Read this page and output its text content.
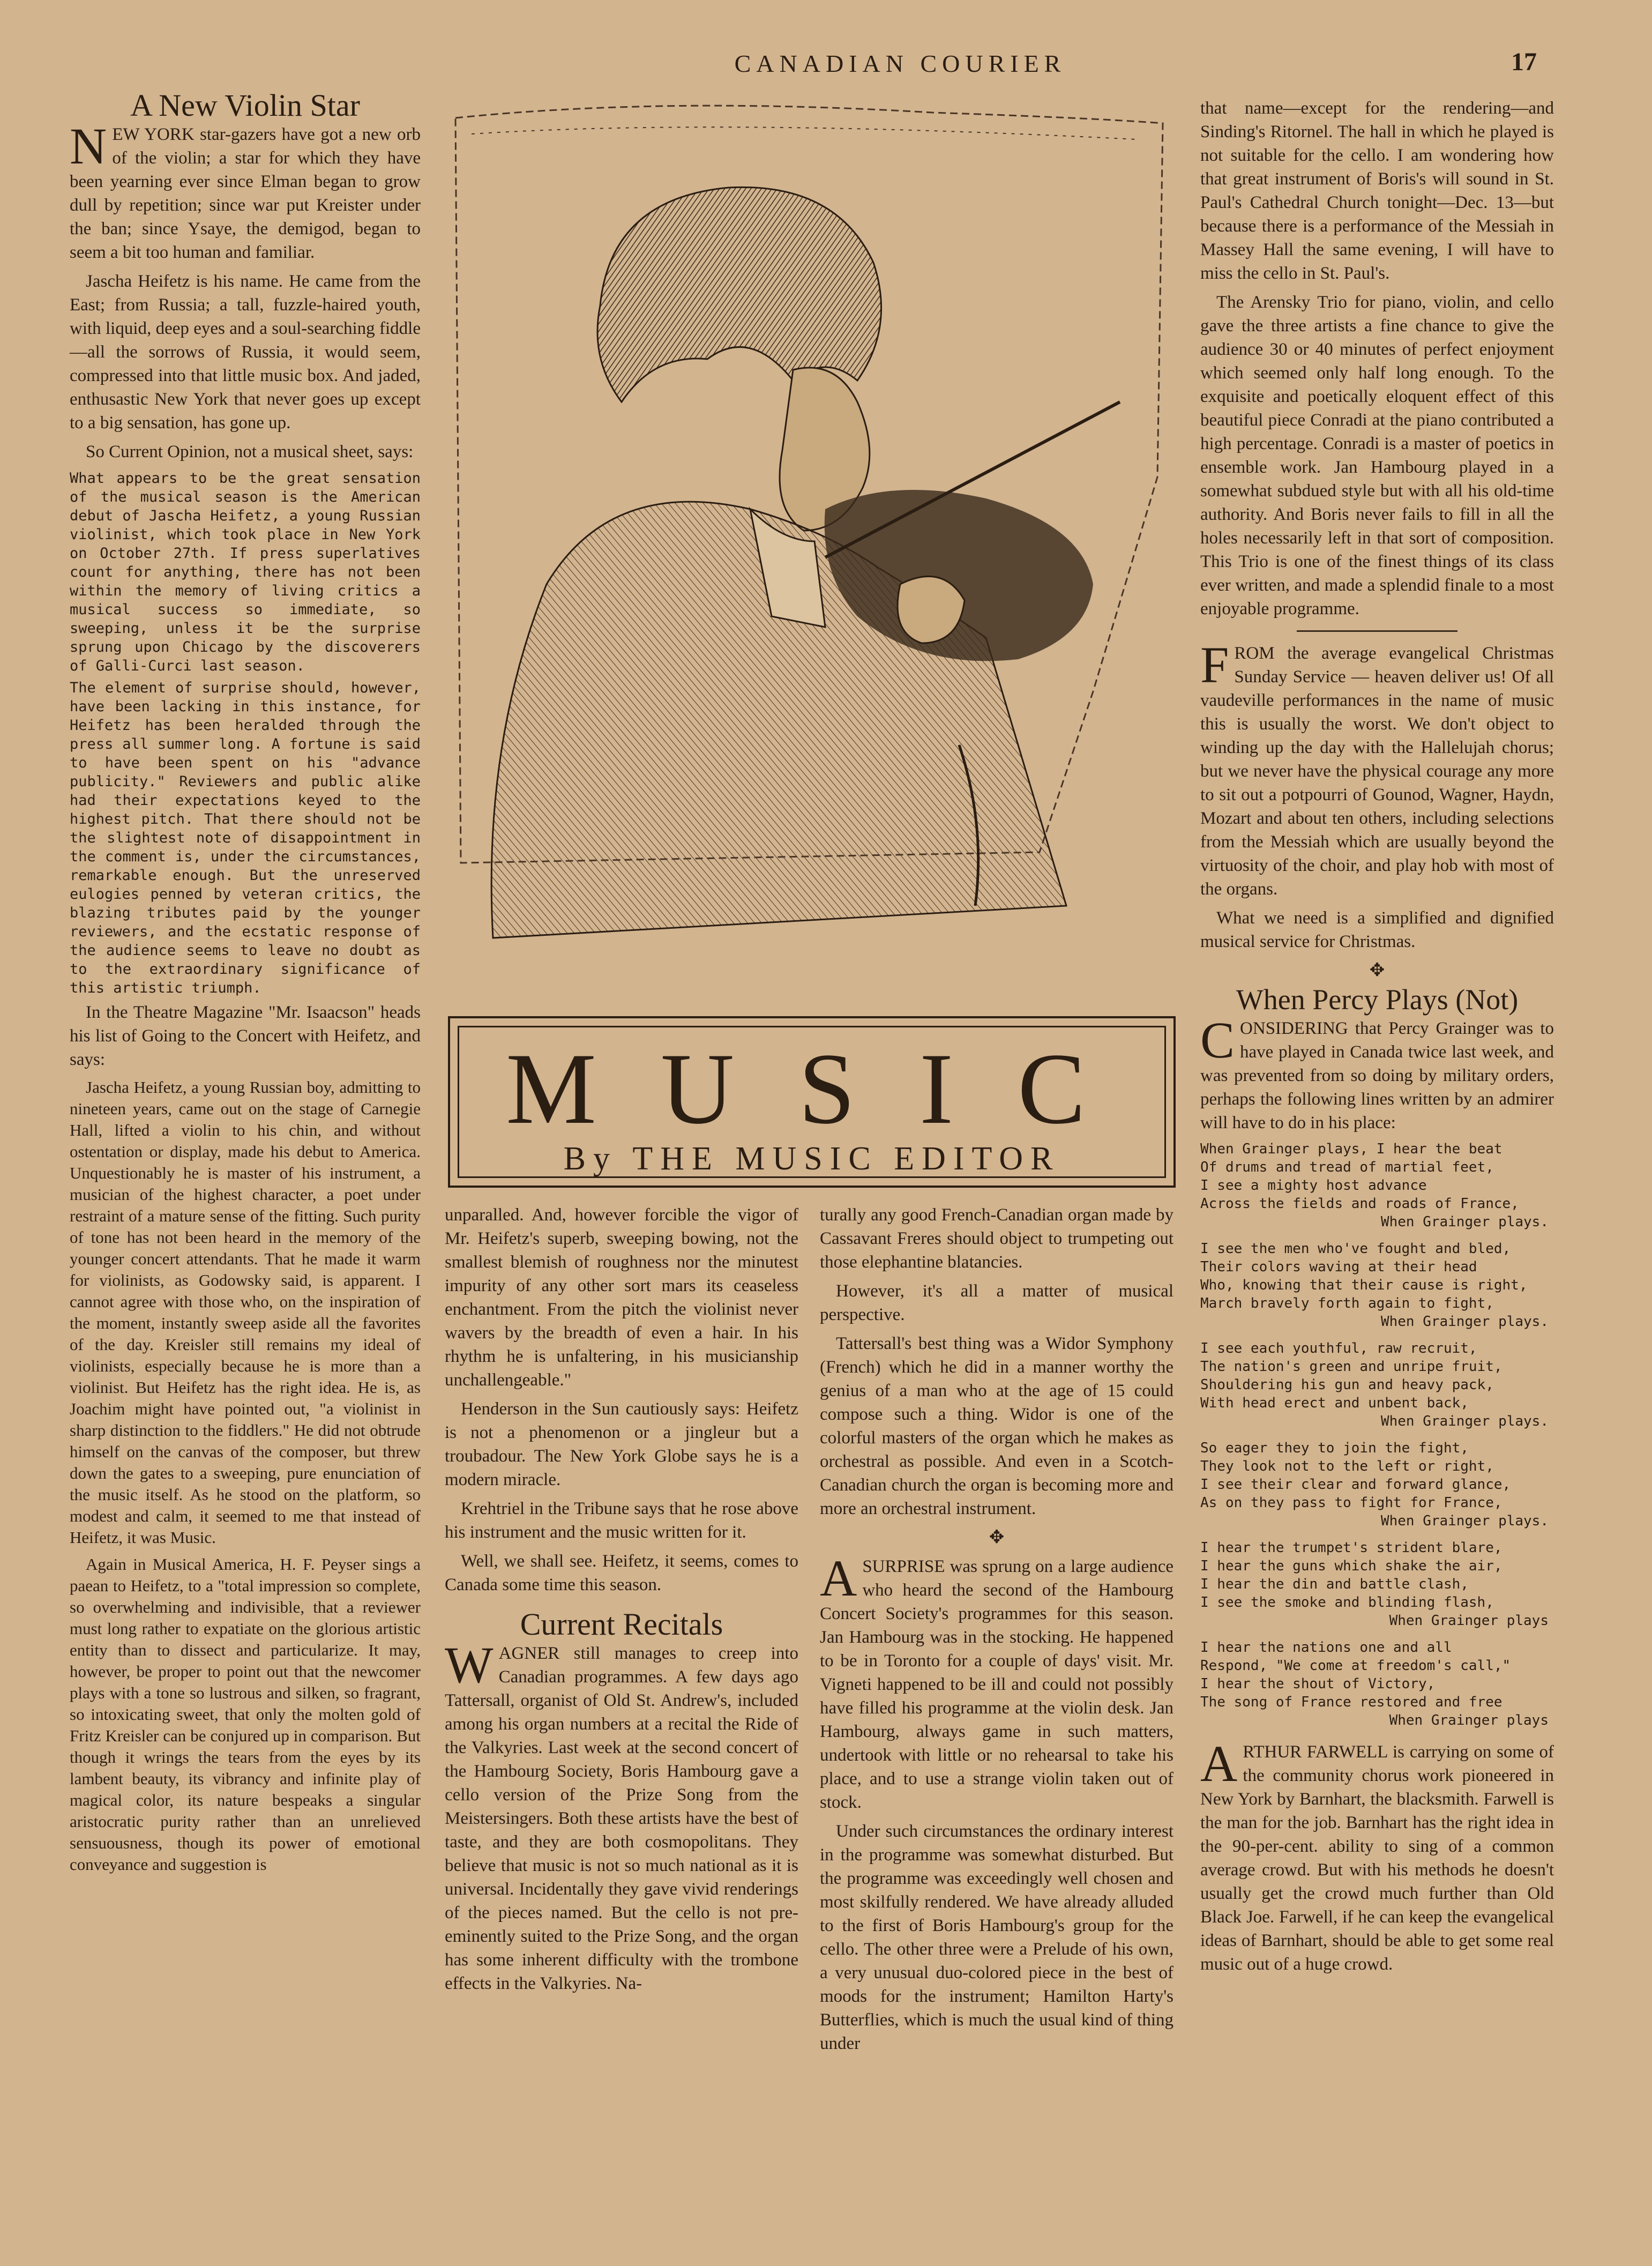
CANADIAN COURIER	17
A New Violin Star

NEW YORK star-gazers have got a new orb of the violin; a star for which they have been yearning ever since Elman began to grow dull by repetition; since war put Kreister under the ban; since Ysaye, the demigod, began to seem a bit too human and familiar.

Jascha Heifetz is his name. He came from the East; from Russia; a tall, fuzzle-haired youth, with liquid, deep eyes and a soul-searching fiddle —all the sorrows of Russia, it would seem, compressed into that little music box. And jaded, enthusastic New York that never goes up except to a big sensation, has gone up.

So Current Opinion, not a musical sheet, says:

What appears to be the great sensation of the musical season is the American debut of Jascha Heifetz, a young Russian violinist, which took place in New York on October 27th. If press superlatives count for anything, there has not been within the memory of living critics a musical success so immediate, so sweeping, unless it be the surprise sprung upon Chicago by the discoverers of Galli-Curci last season.

The element of surprise should, however, have been lacking in this instance, for Heifetz has been heralded through the press all summer long. A fortune is said to have been spent on his "advance publicity." Reviewers and public alike had their expectations keyed to the highest pitch. That there should not be the slightest note of disappointment in the comment is, under the circumstances, remarkable enough. But the unreserved eulogies penned by veteran critics, the blazing tributes paid by the younger reviewers, and the ecstatic response of the audience seems to leave no doubt as to the extraordinary significance of this artistic triumph.

In the Theatre Magazine "Mr. Isaacson" heads his list of Going to the Concert with Heifetz, and says:

Jascha Heifetz, a young Russian boy, admitting to nineteen years, came out on the stage of Carnegie Hall, lifted a violin to his chin, and without ostentation or display, made his debut to America. Unquestionably he is master of his instrument, a musician of the highest character, a poet under restraint of a mature sense of the fitting. Such purity of tone has not been heard in the memory of the younger concert attendants. That he made it warm for violinists, as Godowsky said, is apparent. I cannot agree with those who, on the inspiration of the moment, instantly sweep aside all the favorites of the day. Kreisler still remains my ideal of violinists, especially because he is more than a violinist. But Heifetz has the right idea. He is, as Joachim might have pointed out, "a violinist in sharp distinction to the fiddlers." He did not obtrude himself on the canvas of the composer, but threw down the gates to a sweeping, pure enunciation of the music itself. As he stood on the platform, so modest and calm, it seemed to me that instead of Heifetz, it was Music.

Again in Musical America, H. F. Peyser sings a paean to Heifetz, to a "total impression so complete, so overwhelming and indivisible, that a reviewer must long rather to expatiate on the glorious artistic entity than to dissect and particularize. It may, however, be proper to point out that the newcomer plays with a tone so lustrous and silken, so fragrant, so intoxicating sweet, that only the molten gold of Fritz Kreisler can be conjured up in comparison. But though it wrings the tears from the eyes by its lambent beauty, its vibrancy and infinite play of magical color, its nature bespeaks a singular aristocratic purity rather than an unrelieved sensuousness, though its power of emotional conveyance and suggestion is

MUSIC
By THE MUSIC EDITOR

unparalled. And, however forcible the vigor of Mr. Heifetz's superb, sweeping bowing, not the smallest blemish of roughness nor the minutest impurity of any other sort mars its ceaseless enchantment. From the pitch the violinist never wavers by the breadth of even a hair. In his rhythm he is unfaltering, in his musicianship unchallengeable."

Henderson in the Sun cautiously says: Heifetz is not a phenomenon or a jingleur but a troubadour. The New York Globe says he is a modern miracle.

Krehtriel in the Tribune says that he rose above his instrument and the music written for it.

Well, we shall see. Heifetz, it seems, comes to Canada some time this season.

Current Recitals

WAGNER still manages to creep into Canadian programmes. A few days ago Tattersall, organist of Old St. Andrew's, included among his organ numbers at a recital the Ride of the Valkyries. Last week at the second concert of the Hambourg Society, Boris Hambourg gave a cello version of the Prize Song from the Meistersingers. Both these artists have the best of taste, and they are both cosmopolitans. They believe that music is not so much national as it is universal. Incidentally they gave vivid renderings of the pieces named. But the cello is not pre-eminently suited to the Prize Song, and the organ has some inherent difficulty with the trombone effects in the Valkyries. Na-

turally any good French-Canadian organ made by Cassavant Freres should object to trumpeting out those elephantine blatancies.

However, it's all a matter of musical perspective.

Tattersall's best thing was a Widor Symphony (French) which he did in a manner worthy the genius of a man who at the age of 15 could compose such a thing. Widor is one of the colorful masters of the organ which he makes as orchestral as possible. And even in a Scotch-Canadian church the organ is becoming more and more an orchestral instrument.

✥

ASURPRISE was sprung on a large audience who heard the second of the Hambourg Concert Society's programmes for this season. Jan Hambourg was in the stocking. He happened to be in Toronto for a couple of days' visit. Mr. Vigneti happened to be ill and could not possibly have filled his programme at the violin desk. Jan Hambourg, always game in such matters, undertook with little or no rehearsal to take his place, and to use a strange violin taken out of stock.

Under such circumstances the ordinary interest in the programme was somewhat disturbed. But the programme was exceedingly well chosen and most skilfully rendered. We have already alluded to the first of Boris Hambourg's group for the cello. The other three were a Prelude of his own, a very unusual duo-colored piece in the best of moods for the instrument; Hamilton Harty's Butterflies, which is much the usual kind of thing under

that name—except for the rendering—and Sinding's Ritornel. The hall in which he played is not suitable for the cello. I am wondering how that great instrument of Boris's will sound in St. Paul's Cathedral Church tonight—Dec. 13—but because there is a performance of the Messiah in Massey Hall the same evening, I will have to miss the cello in St. Paul's.

The Arensky Trio for piano, violin, and cello gave the three artists a fine chance to give the audience 30 or 40 minutes of perfect enjoyment which seemed only half long enough. To the exquisite and poetically eloquent effect of this beautiful piece Conradi at the piano contributed a high percentage. Conradi is a master of poetics in ensemble work. Jan Hambourg played in a somewhat subdued style but with all his old-time authority. And Boris never fails to fill in all the holes necessarily left in that sort of composition. This Trio is one of the finest things of its class ever written, and made a splendid finale to a most enjoyable programme.

FROM the average evangelical Christmas Sunday Service — heaven deliver us! Of all vaudeville performances in the name of music this is usually the worst. We don't object to winding up the day with the Hallelujah chorus; but we never have the physical courage any more to sit out a potpourri of Gounod, Wagner, Haydn, Mozart and about ten others, including selections from the Messiah which are usually beyond the virtuosity of the choir, and play hob with most of the organs.

What we need is a simplified and dignified musical service for Christmas.

✥
When Percy Plays (Not)

CONSIDERING that Percy Grainger was to have played in Canada twice last week, and was prevented from so doing by military orders, perhaps the following lines written by an admirer will have to do in his place:

When Grainger plays, I hear the beat
Of drums and tread of martial feet,
I see a mighty host advance
Across the fields and roads of France,
When Grainger plays.
I see the men who've fought and bled,
Their colors waving at their head
Who, knowing that their cause is right,
March bravely forth again to fight,
When Grainger plays.
I see each youthful, raw recruit,
The nation's green and unripe fruit,
Shouldering his gun and heavy pack,
With head erect and unbent back,
When Grainger plays.
So eager they to join the fight,
They look not to the left or right,
I see their clear and forward glance,
As on they pass to fight for France,
When Grainger plays.
I hear the trumpet's strident blare,
I hear the guns which shake the air,
I hear the din and battle clash,
I see the smoke and blinding flash,
When Grainger plays
I hear the nations one and all
Respond, "We come at freedom's call,"
I hear the shout of Victory,
The song of France restored and free
When Grainger plays

ARTHUR FARWELL is carrying on some of the community chorus work pioneered in New York by Barnhart, the blacksmith. Farwell is the man for the job. Barnhart has the right idea in the 90-per-cent. ability to sing of a common average crowd. But with his methods he doesn't usually get the crowd much further than Old Black Joe. Farwell, if he can keep the evangelical ideas of Barnhart, should be able to get some real music out of a huge crowd.
